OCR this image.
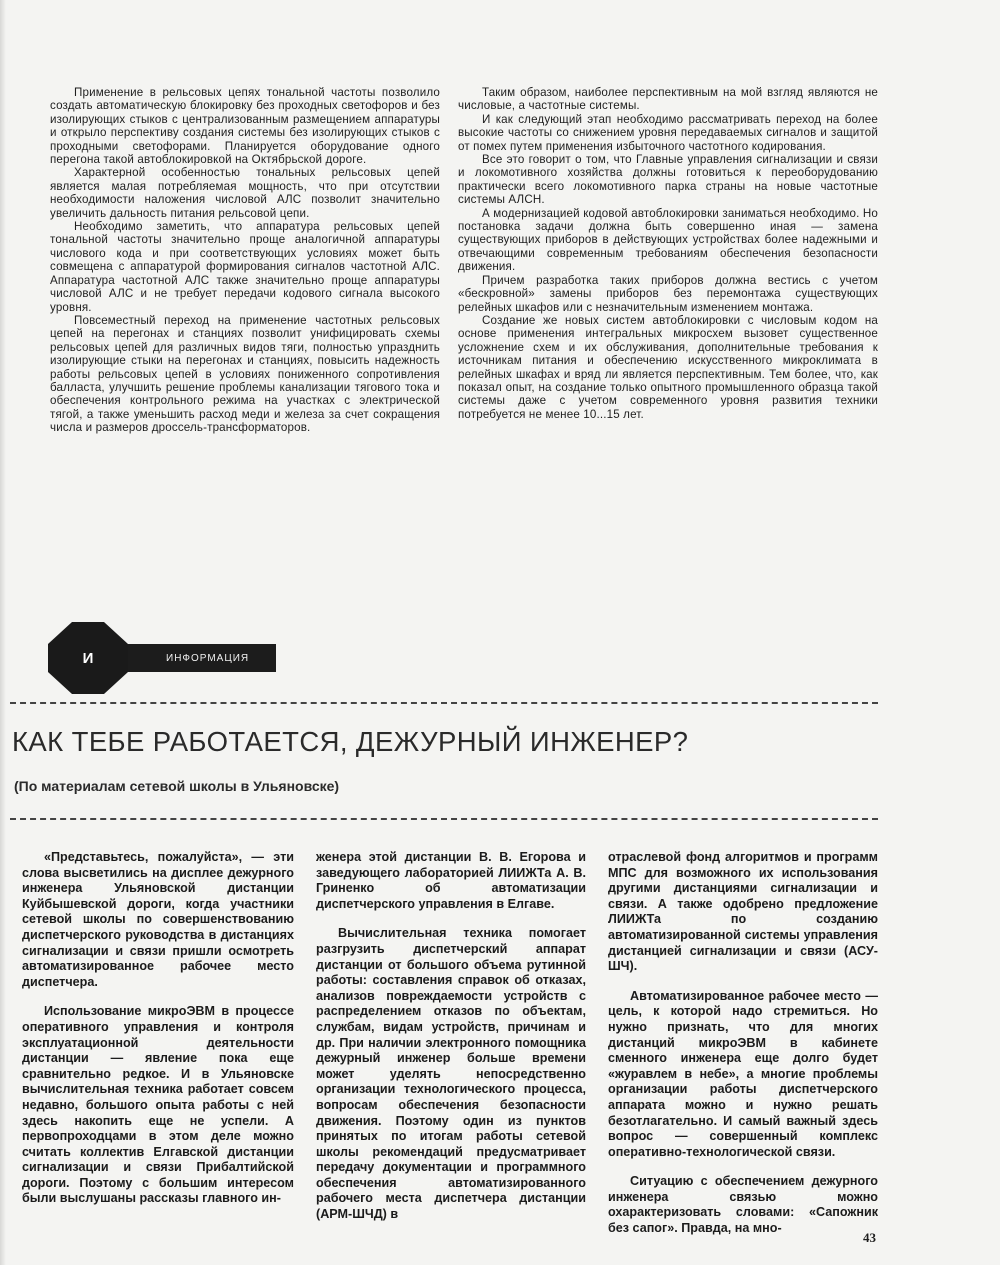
Применение в рельсовых цепях тональной частоты позволило создать автоматическую блокировку без проходных светофоров и без изолирующих стыков с централизованным размещением аппаратуры и открыло перспективу создания системы без изолирующих стыков с проходными светофорами. Планируется оборудование одного перегона такой автоблокировкой на Октябрьской дороге.

Характерной особенностью тональных рельсовых цепей является малая потребляемая мощность, что при отсутствии необходимости наложения числовой АЛС позволит значительно увеличить дальность питания рельсовой цепи.

Необходимо заметить, что аппаратура рельсовых цепей тональной частоты значительно проще аналогичной аппаратуры числового кода и при соответствующих условиях может быть совмещена с аппаратурой формирования сигналов частотной АЛС. Аппаратура частотной АЛС также значительно проще аппаратуры числовой АЛС и не требует передачи кодового сигнала высокого уровня.

Повсеместный переход на применение частотных рельсовых цепей на перегонах и станциях позволит унифицировать схемы рельсовых цепей для различных видов тяги, полностью упразднить изолирующие стыки на перегонах и станциях, повысить надежность работы рельсовых цепей в условиях пониженного сопротивления балласта, улучшить решение проблемы канализации тягового тока и обеспечения контрольного режима на участках с электрической тягой, а также уменьшить расход меди и железа за счет сокращения числа и размеров дроссель-трансформаторов.

Таким образом, наиболее перспективным на мой взгляд являются не числовые, а частотные системы.

И как следующий этап необходимо рассматривать переход на более высокие частоты со снижением уровня передаваемых сигналов и защитой от помех путем применения избыточного частотного кодирования.

Все это говорит о том, что Главные управления сигнализации и связи и локомотивного хозяйства должны готовиться к переоборудованию практически всего локомотивного парка страны на новые частотные системы АЛСН.

А модернизацией кодовой автоблокировки заниматься необходимо. Но постановка задачи должна быть совершенно иная — замена существующих приборов в действующих устройствах более надежными и отвечающими современным требованиям обеспечения безопасности движения.

Причем разработка таких приборов должна вестись с учетом «бескровной» замены приборов без перемонтажа существующих релейных шкафов или с незначительным изменением монтажа.

Создание же новых систем автоблокировки с числовым кодом на основе применения интегральных микросхем вызовет существенное усложнение схем и их обслуживания, дополнительные требования к источникам питания и обеспечению искусственного микроклимата в релейных шкафах и вряд ли является перспективным. Тем более, что, как показал опыт, на создание только опытного промышленного образца такой системы даже с учетом современного уровня развития техники потребуется не менее 10...15 лет.

ИНФОРМАЦИЯ
И
КАК ТЕБЕ РАБОТАЕТСЯ, ДЕЖУРНЫЙ ИНЖЕНЕР?
(По материалам сетевой школы в Ульяновске)

«Представьтесь, пожалуйста», — эти слова высветились на дисплее дежурного инженера Ульяновской дистанции Куйбышевской дороги, когда участники сетевой школы по совершенствованию диспетчерского руководства в дистанциях сигнализации и связи пришли осмотреть автоматизированное рабочее место диспетчера.

Использование микроЭВМ в процессе оперативного управления и контроля эксплуатационной деятельности дистанции — явление пока еще сравнительно редкое. И в Ульяновске вычислительная техника работает совсем недавно, большого опыта работы с ней здесь накопить еще не успели. А первопроходцами в этом деле можно считать коллектив Елгавской дистанции сигнализации и связи Прибалтийской дороги. Поэтому с большим интересом были выслушаны рассказы главного ин-

женера этой дистанции В. В. Егорова и заведующего лабораторией ЛИИЖТа А. В. Гриненко об автоматизации диспетчерского управления в Елгаве.

Вычислительная техника помогает разгрузить диспетчерский аппарат дистанции от большого объема рутинной работы: составления справок об отказах, анализов повреждаемости устройств с распределением отказов по объектам, службам, видам устройств, причинам и др. При наличии электронного помощника дежурный инженер больше времени может уделять непосредственно организации технологического процесса, вопросам обеспечения безопасности движения. Поэтому один из пунктов принятых по итогам работы сетевой школы рекомендаций предусматривает передачу документации и программного обеспечения автоматизированного рабочего места диспетчера дистанции (АРМ-ШЧД) в

отраслевой фонд алгоритмов и программ МПС для возможного их использования другими дистанциями сигнализации и связи. А также одобрено предложение ЛИИЖТа по созданию автоматизированной системы управления дистанцией сигнализации и связи (АСУ-ШЧ).

Автоматизированное рабочее место — цель, к которой надо стремиться. Но нужно признать, что для многих дистанций микроЭВМ в кабинете сменного инженера еще долго будет «журавлем в небе», а многие проблемы организации работы диспетчерского аппарата можно и нужно решать безотлагательно. И самый важный здесь вопрос — совершенный комплекс оперативно-технологической связи.

Ситуацию с обеспечением дежурного инженера связью можно охарактеризовать словами: «Сапожник без сапог». Правда, на мно-

43
